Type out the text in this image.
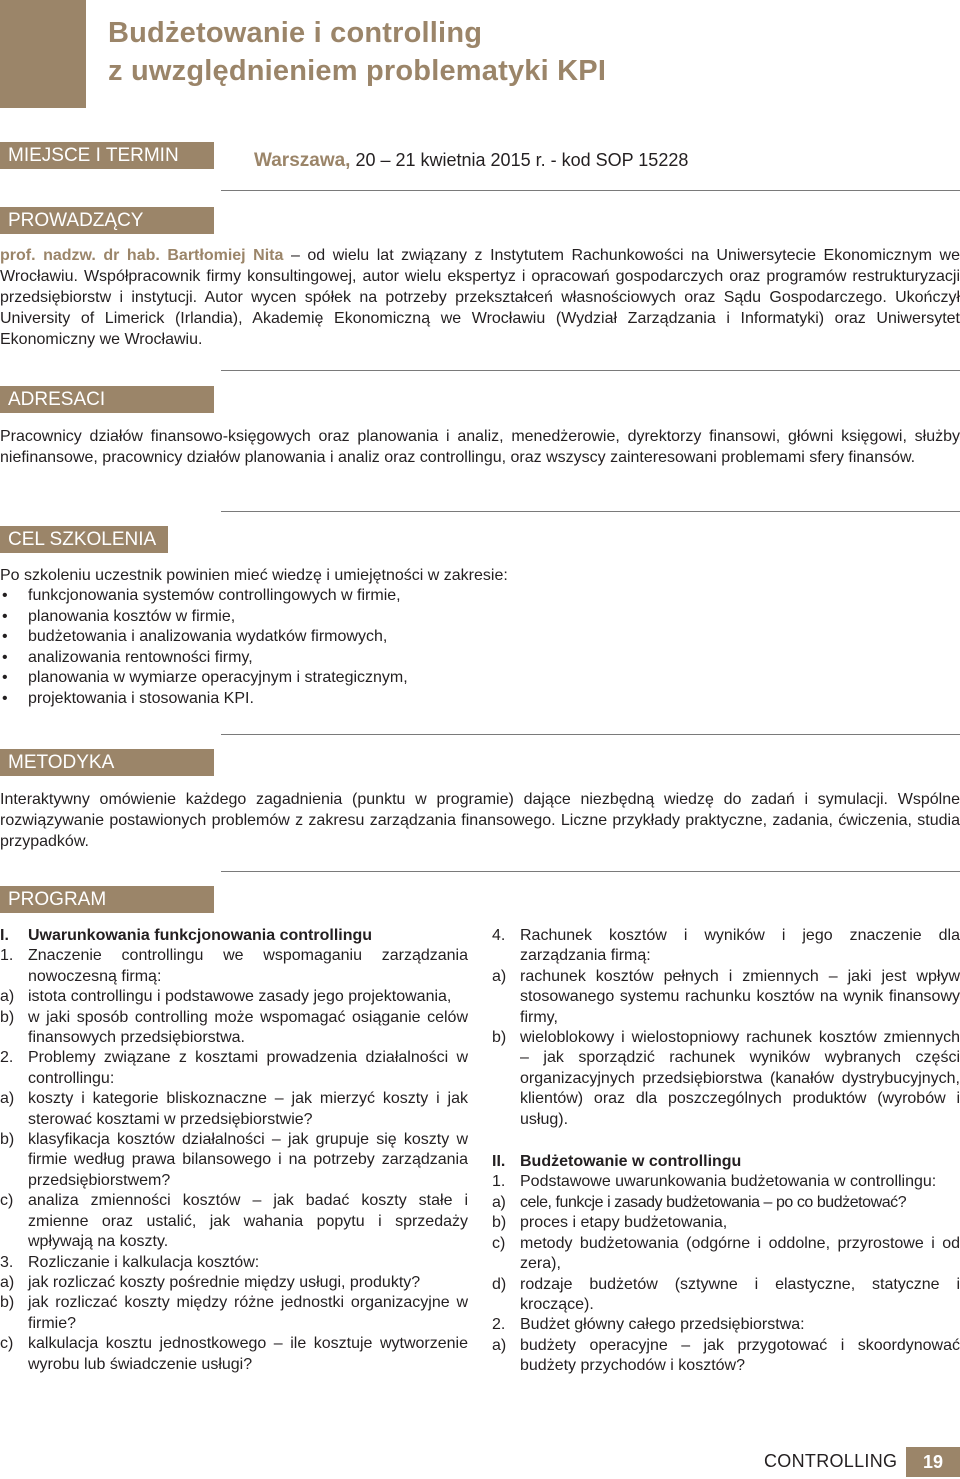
Budżetowanie i controlling
z uwzględnieniem problematyki KPI
MIEJSCE I TERMIN	Warszawa, 20 – 21 kwietnia 2015 r. - kod SOP 15228
PROWADZĄCY

prof. nadzw. dr hab. Bartłomiej Nita – od wielu lat związany z Instytutem Rachunkowości na Uniwersytecie Ekonomicznym we Wrocławiu. Współpracownik firmy konsultingowej, autor wielu ekspertyz i opracowań gospodarczych oraz programów restrukturyzacji przedsiębiorstw i instytucji. Autor wycen spółek na potrzeby przekształceń własnościowych oraz Sądu Gospodarczego. Ukończył University of Limerick (Irlandia), Akademię Ekonomiczną we Wrocławiu (Wydział Zarządzania i Informatyki) oraz Uniwersytet Ekonomiczny we Wrocławiu.

ADRESACI

Pracownicy działów finansowo-księgowych oraz planowania i analiz, menedżerowie, dyrektorzy finansowi, główni księgowi, służby niefinansowe, pracownicy działów planowania i analiz oraz controllingu, oraz wszyscy zainteresowani problemami sfery finansów.

CEL SZKOLENIA

Po szkoleniu uczestnik powinien mieć wiedzę i umiejętności w zakresie:

• funkcjonowania systemów controllingowych w firmie,
• planowania kosztów w firmie,
• budżetowania i analizowania wydatków firmowych,
• analizowania rentowności firmy,
• planowania w wymiarze operacyjnym i strategicznym,
• projektowania i stosowania KPI.
METODYKA

Interaktywny omówienie każdego zagadnienia (punktu w programie) dające niezbędną wiedzę do zadań i symulacji. Wspólne rozwiązywanie postawionych problemów z zakresu zarządzania finansowego. Liczne przykłady praktyczne, zadania, ćwiczenia, studia przypadków.

PROGRAM
I. Uwarunkowania funkcjonowania controllingu
1. Znaczenie controllingu we wspomaganiu zarządzania nowoczesną firmą:
a) istota controllingu i podstawowe zasady jego projektowania,
b) w jaki sposób controlling może wspomagać osiąganie celów finansowych przedsiębiorstwa.
2. Problemy związane z kosztami prowadzenia działalności w controllingu:
a) koszty i kategorie bliskoznaczne – jak mierzyć koszty i jak sterować kosztami w przedsiębiorstwie?
b) klasyfikacja kosztów działalności – jak grupuje się koszty w firmie według prawa bilansowego i na potrzeby zarządzania przedsiębiorstwem?
c) analiza zmienności kosztów – jak badać koszty stałe i zmienne oraz ustalić, jak wahania popytu i sprzedaży wpływają na koszty.
3. Rozliczanie i kalkulacja kosztów:
a) jak rozliczać koszty pośrednie między usługi, produkty?
b) jak rozliczać koszty między różne jednostki organizacyjne w firmie?
c) kalkulacja kosztu jednostkowego – ile kosztuje wytworzenie wyrobu lub świadczenie usługi?
4. Rachunek kosztów i wyników i jego znaczenie dla zarządzania firmą:
a) rachunek kosztów pełnych i zmiennych – jaki jest wpływ stosowanego systemu rachunku kosztów na wynik finansowy firmy,
b) wieloblokowy i wielostopniowy rachunek kosztów zmiennych – jak sporządzić rachunek wyników wybranych części organizacyjnych przedsiębiorstwa (kanałów dystrybucyjnych, klientów) oraz dla poszczególnych produktów (wyrobów i usług).
II. Budżetowanie w controllingu
1. Podstawowe uwarunkowania budżetowania w controllingu:
a) cele, funkcje i zasady budżetowania – po co budżetować?
b) proces i etapy budżetowania,
c) metody budżetowania (odgórne i oddolne, przyrostowe i od zera),
d) rodzaje budżetów (sztywne i elastyczne, statyczne i kroczące).
2. Budżet główny całego przedsiębiorstwa:
a) budżety operacyjne – jak przygotować i skoordynować budżety przychodów i kosztów?
CONTROLLING	19
